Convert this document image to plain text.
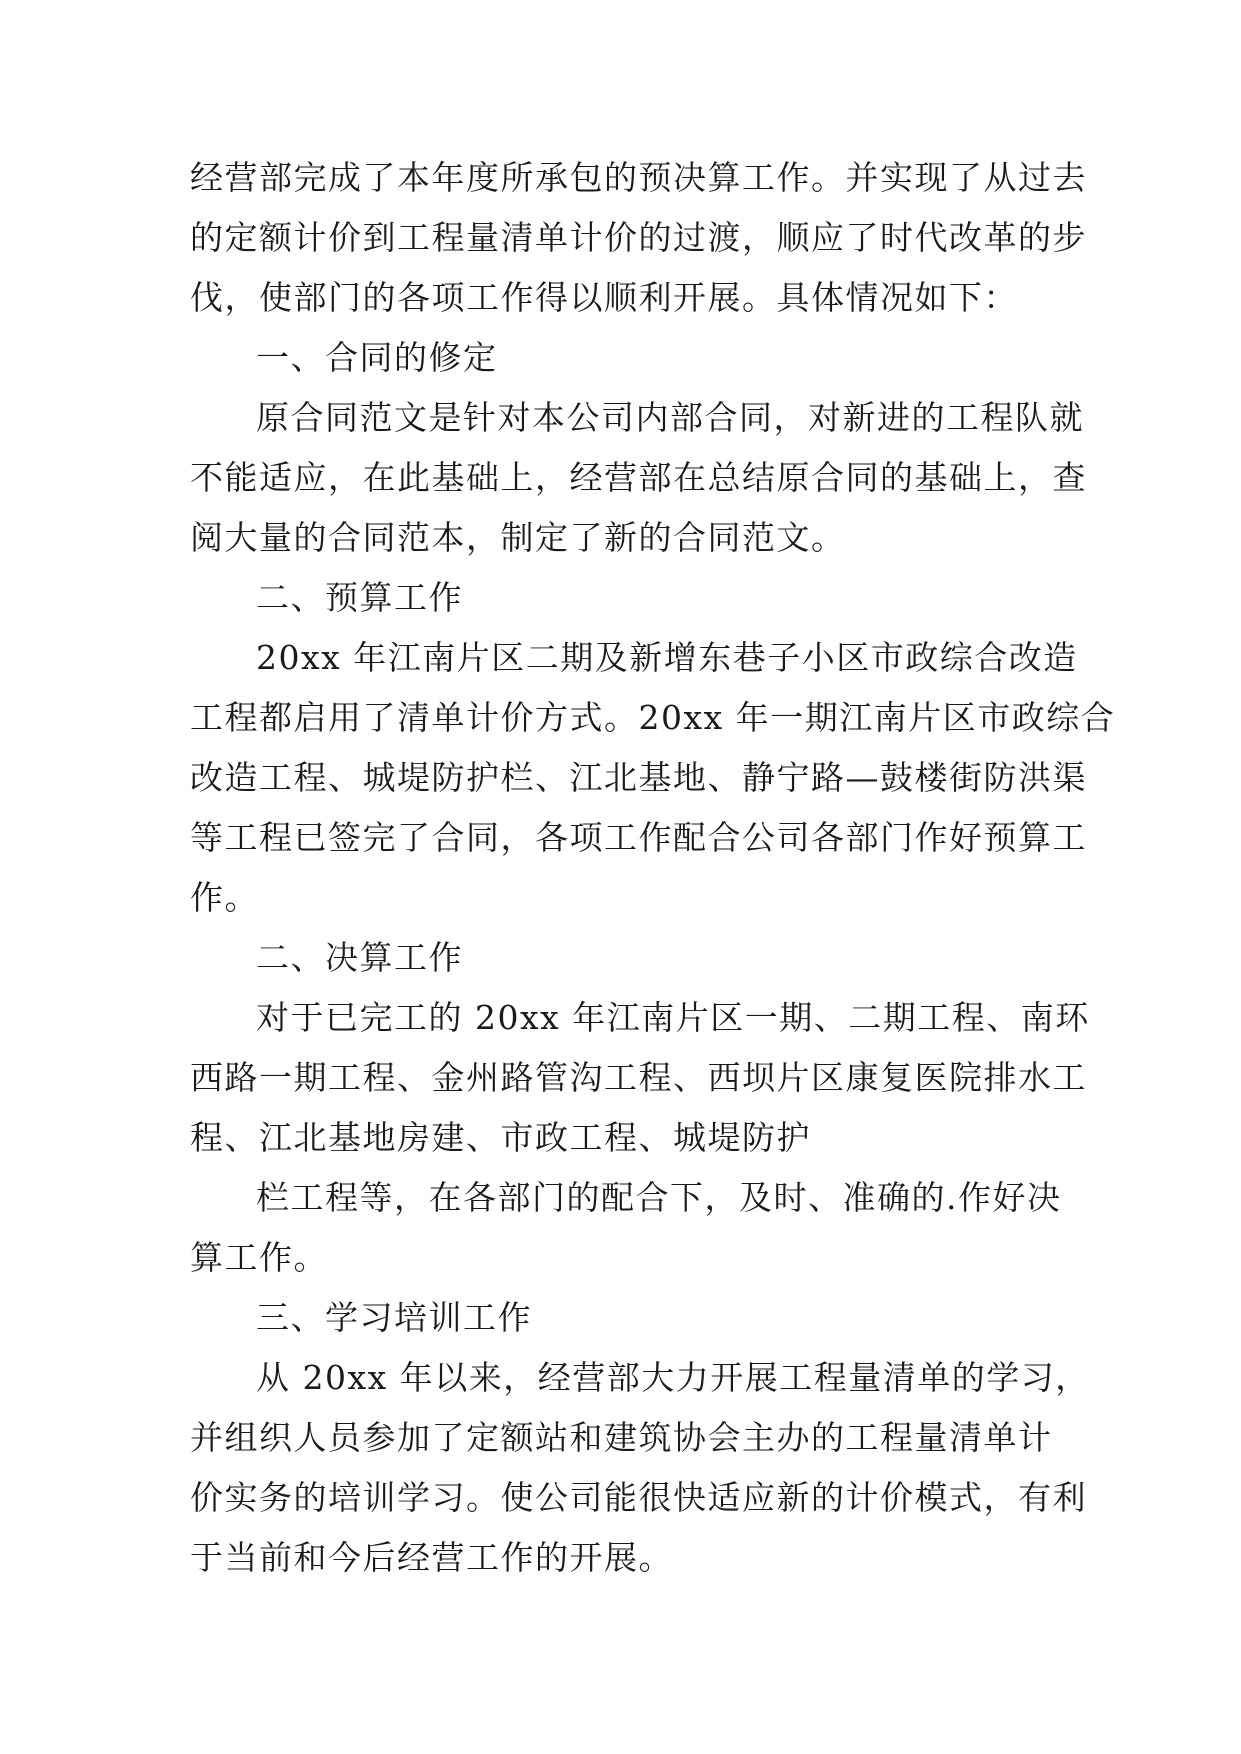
经营部完成了本年度所承包的预决算工作。并实现了从过去
的定额计价到工程量清单计价的过渡，顺应了时代改革的步
伐，使部门的各项工作得以顺利开展。具体情况如下：
一、合同的修定
原合同范文是针对本公司内部合同，对新进的工程队就
不能适应，在此基础上，经营部在总结原合同的基础上，查
阅大量的合同范本，制定了新的合同范文。
二、预算工作
20xx 年江南片区二期及新增东巷子小区市政综合改造
工程都启用了清单计价方式。20xx 年一期江南片区市政综合
改造工程、城堤防护栏、江北基地、静宁路—鼓楼街防洪渠
等工程已签完了合同，各项工作配合公司各部门作好预算工
作。
二、决算工作
对于已完工的 20xx 年江南片区一期、二期工程、南环
西路一期工程、金州路管沟工程、西坝片区康复医院排水工
程、江北基地房建、市政工程、城堤防护
栏工程等，在各部门的配合下，及时、准确的.作好决
算工作。
三、学习培训工作
从 20xx 年以来，经营部大力开展工程量清单的学习，
并组织人员参加了定额站和建筑协会主办的工程量清单计
价实务的培训学习。使公司能很快适应新的计价模式，有利
于当前和今后经营工作的开展。
